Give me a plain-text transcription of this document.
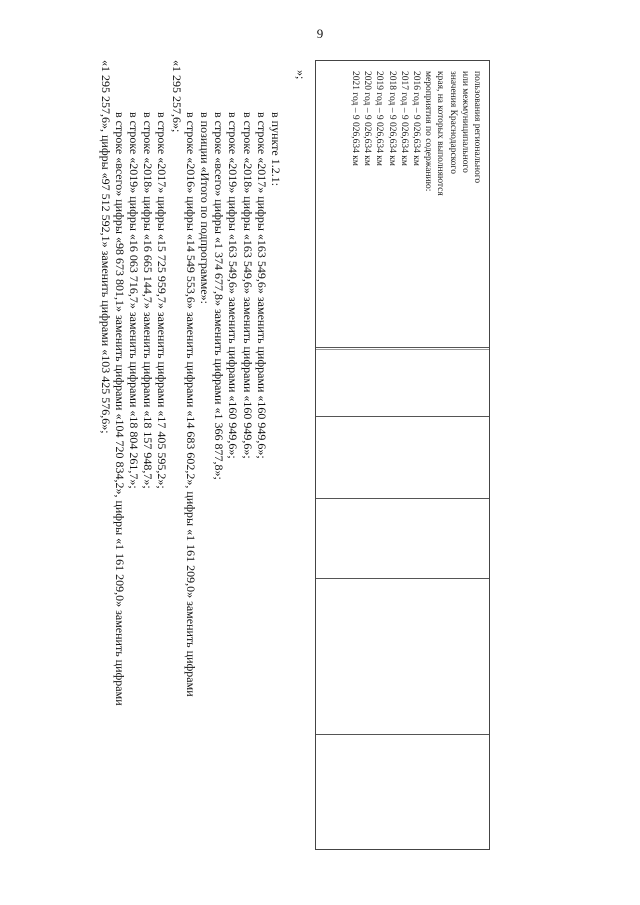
9
пользования регионального
или межмуниципального
значения Краснодарского
края, на которых выполняются
мероприятия по содержанию:
2016 год – 9 026,634 км
2017 год – 9 026,634 км
2018 год – 9 026,634 км
2019 год – 9 026,634 км
2020 год – 9 026,634 км
2021 год – 9 026,634 км
»;
в пункте 1.2.1:
в строке «2017» цифры «163 549,6» заменить цифрами «160 949,6»;
в строке «2018» цифры «163 549,6» заменить цифрами «160 949,6»;
в строке «2019» цифры «163 549,6» заменить цифрами «160 949,6»;
в строке «всего» цифры «1 374 677,8» заменить цифрами «1 366 877,8»;
в позиции «Итого по подпрограмме»:
в строке «2016» цифры «14 549 553,6» заменить цифрами «14 683 602,2», цифры «1 161 209,0» заменить цифрами
«1 295 257,6»;
в строке «2017» цифры «15 725 959,7» заменить цифрами «17 405 595,2»;
в строке «2018» цифры «16 665 144,7» заменить цифрами «18 157 948,7»;
в строке «2019» цифры «16 063 716,7» заменить цифрами «18 804 261,7»;
в строке «всего» цифры «98 673 801,1» заменить цифрами «104 720 834,2», цифры «1 161 209,0» заменить цифрами
«1 295 257,6», цифры «97 512 592,1» заменить цифрами «103 425 576,6»;
